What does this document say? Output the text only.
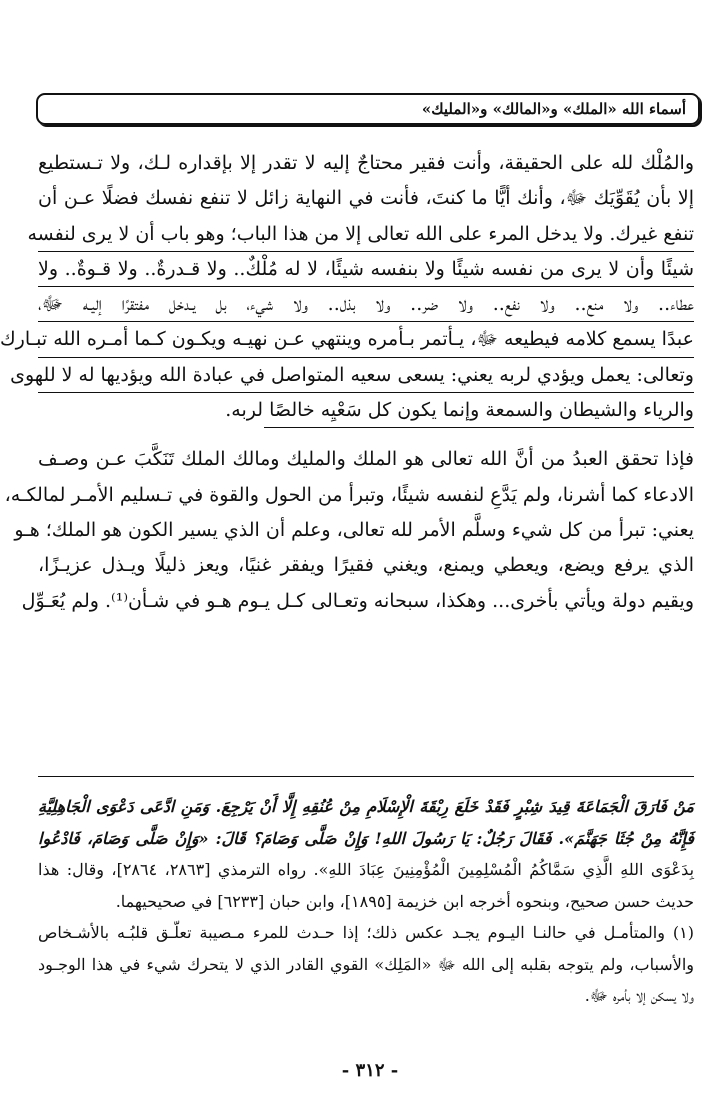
أسماء الله «الملك» و«المالك» و«المليك»
والمُلْك لله على الحقيقة، وأنت فقير محتاجٌ إليه لا تقدر إلا بإقداره لـك، ولا تـستطيع
إلا بأن يُقَوِّيَك ﷻ، وأنك أيًّا ما كنتَ، فأنت في النهاية زائل لا تنفع نفسك فضلًا عـن أن
تنفع غيرك. ولا يدخل المرء على الله تعالى إلا من هذا الباب؛ وهو باب أن لا يرى لنفسه
شيئًا وأن لا يرى من نفسه شيئًا ولا بنفسه شيئًا، لا له مُلْكٌ.. ولا قـدرةٌ.. ولا قـوةٌ.. ولا
عطاء.. ولا منع.. ولا نفع.. ولا ضر.. ولا بذل.. ولا شيء، بل يـدخل مفتقرًا إليـه ﷻ،
عبدًا يسمع كلامه فيطيعه ﷻ، يـأتمر بـأمره وينتهي عـن نهيـه ويكـون كـما أمـره الله تبـارك
وتعالى: يعمل ويؤدي لربه يعني: يسعى سعيه المتواصل في عبادة الله ويؤديها له لا للهوى
والرياء والشيطان والسمعة وإنما يكون كل سَعْيِه خالصًا لربه.
فإذا تحقق العبدُ من أنَّ الله تعالى هو الملك والمليك ومالك الملك تَنَكَّبَ عـن وصـف
الادعاء كما أشرنا، ولم يَدَّعِ لنفسه شيئًا، وتبرأ من الحول والقوة في تـسليم الأمـر لمالكـه،
يعني: تبرأ من كل شيء وسلَّم الأمر لله تعالى، وعلم أن الذي يسير الكون هو الملك؛ هـو
الذي يرفع ويضع، ويعطي ويمنع، ويغني فقيرًا ويفقر غنيًا، ويعز ذليلًا ويـذل عزيـزًا،
ويقيم دولة ويأتي بأخرى... وهكذا، سبحانه وتعـالى كـل يـوم هـو في شـأن⁽¹⁾. ولم يُعَـوِّل
مَنْ فَارَقَ الْجَمَاعَةَ قِيدَ شِبْرٍ فَقَدْ خَلَعَ رِبْقَةَ الْإِسْلَامِ مِنْ عُنُقِهِ إِلَّا أَنْ يَرْجِعَ. وَمَنِ ادَّعَى دَعْوَى الْجَاهِلِيَّةِ
فَإِنَّهُ مِنْ جُثَا جَهَنَّمَ». فَقَالَ رَجُلٌ: يَا رَسُولَ اللهِ! وَإِنْ صَلَّى وَصَامَ؟ قَالَ: «وَإِنْ صَلَّى وَصَامَ، فَادْعُوا
بِدَعْوَى اللهِ الَّذِي سَمَّاكُمُ الْمُسْلِمِينَ الْمُؤْمِنِينَ عِبَادَ اللهِ». رواه الترمذي [٢٨٦٣، ٢٨٦٤]، وقال: هذا
حديث حسن صحيح، وبنحوه أخرجه ابن خزيمة [١٨٩٥]، وابن حبان [٦٢٣٣] في صحيحيهما.
(١) والمتأمـل في حالنـا اليـوم يجـد عكس ذلك؛ إذا حـدث للمرء مـصيبة تعلّـق قلبُـه بالأشـخاص
والأسباب، ولم يتوجه بقلبه إلى الله ﷻ «المَلِك» القوي القادر الذي لا يتحرك شيء في هذا الوجـود
ولا يسكن إلا بأمره ﷻ.
- ٣١٢ -
